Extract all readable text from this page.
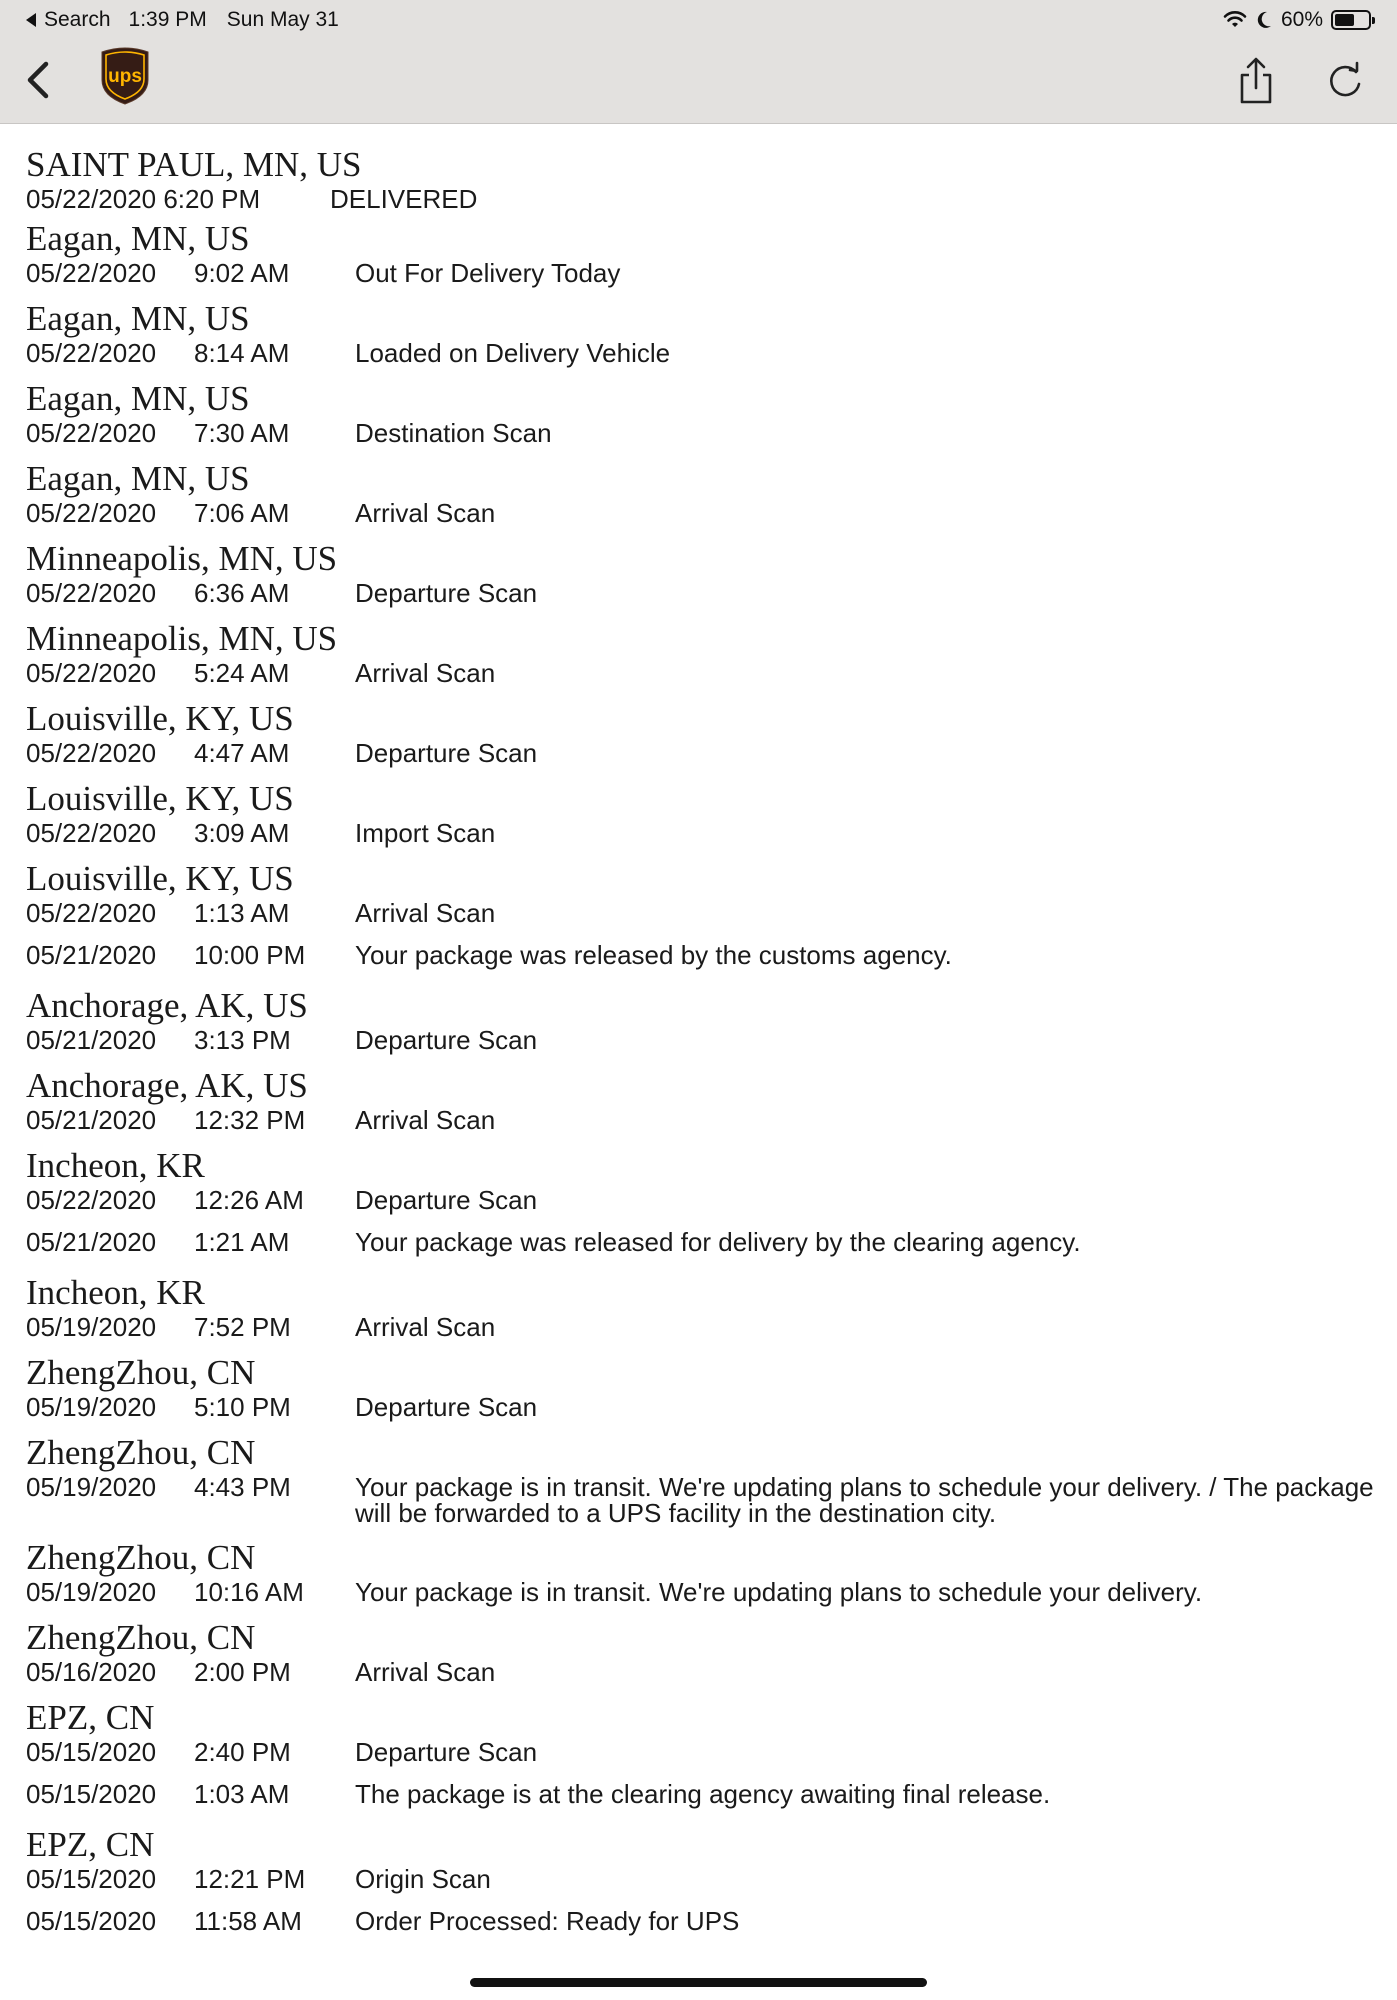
Search 1:39 PM Sun May 31	60%
ups
SAINT PAUL, MN, US
05/22/2020 6:20 PM	DELIVERED
Eagan, MN, US
05/22/2020 9:02 AM	Out For Delivery Today
Eagan, MN, US
05/22/2020 8:14 AM	Loaded on Delivery Vehicle
Eagan, MN, US
05/22/2020 7:30 AM	Destination Scan
Eagan, MN, US
05/22/2020 7:06 AM	Arrival Scan
Minneapolis, MN, US
05/22/2020 6:36 AM	Departure Scan
Minneapolis, MN, US
05/22/2020 5:24 AM	Arrival Scan
Louisville, KY, US
05/22/2020 4:47 AM	Departure Scan
Louisville, KY, US
05/22/2020 3:09 AM	Import Scan
Louisville, KY, US
05/22/2020 1:13 AM	Arrival Scan
05/21/2020 10:00 PM Your package was released by the customs agency.
Anchorage, AK, US
05/21/2020 3:13 PM Departure Scan
Anchorage, AK, US
05/21/2020 12:32 PM Arrival Scan
Incheon, KR
05/22/2020 12:26 AM Departure Scan
05/21/2020 1:21 AM	Your package was released for delivery by the clearing agency.
Incheon, KR
05/19/2020 7:52 PM Arrival Scan
ZhengZhou, CN
05/19/2020 5:10 PM Departure Scan
ZhengZhou, CN
05/19/2020 4:43 PM Your package is in transit. We're updating plans to schedule your delivery. / The package will be forwarded to a UPS facility in the destination city.
ZhengZhou, CN
05/19/2020 10:16 AM Your package is in transit. We're updating plans to schedule your delivery.
ZhengZhou, CN
05/16/2020 2:00 PM Arrival Scan
EPZ, CN
05/15/2020 2:40 PM Departure Scan
05/15/2020 1:03 AM	The package is at the clearing agency awaiting final release.
EPZ, CN
05/15/2020 12:21 PM Origin Scan
05/15/2020 11:58 AM Order Processed: Ready for UPS
